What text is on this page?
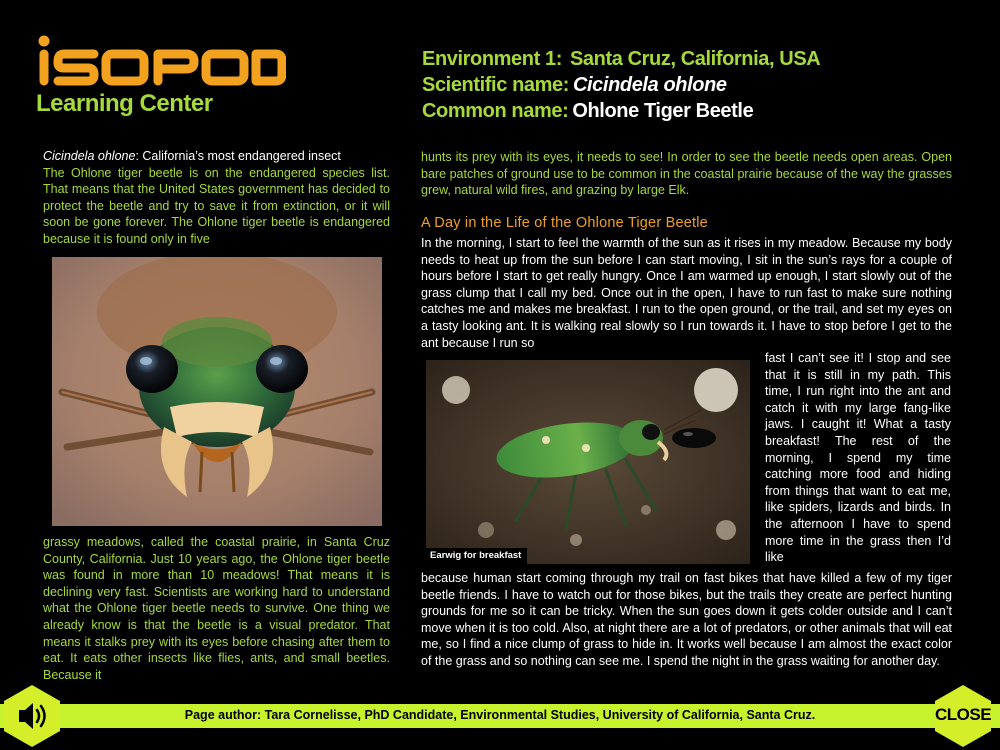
Learning Center
Environment 1: Santa Cruz, California, USA
Scientific name: Cicindela ohlone
Common name: Ohlone Tiger Beetle
Cicindela ohlone: California’s most endangered insect
The Ohlone tiger beetle is on the endangered species list. That means that the United States government has decided to protect the beetle and try to save it from extinction, or it will soon be gone forever. The Ohlone tiger beetle is endangered because it is found only in five
grassy meadows, called the coastal prairie, in Santa Cruz County, California. Just 10 years ago, the Ohlone tiger beetle was found in more than 10 meadows! That means it is declining very fast. Scientists are working hard to understand what the Ohlone tiger beetle needs to survive. One thing we already know is that the beetle is a visual predator. That means it stalks prey with its eyes before chasing after them to eat. It eats other insects like flies, ants, and small beetles. Because it
hunts its prey with its eyes, it needs to see! In order to see the beetle needs open areas. Open bare patches of ground use to be common in the coastal prairie because of the way the grasses grew, natural wild fires, and grazing by large Elk.
A Day in the Life of the Ohlone Tiger Beetle
In the morning, I start to feel the warmth of the sun as it rises in my meadow. Because my body needs to heat up from the sun before I can start moving, I sit in the sun’s rays for a couple of hours before I start to get really hungry. Once I am warmed up enough, I start slowly out of the grass clump that I call my bed. Once out in the open, I have to run fast to make sure nothing catches me and makes me breakfast. I run to the open ground, or the trail, and set my eyes on a tasty looking ant. It is walking real slowly so I run towards it. I have to stop before I get to the ant because I run so
Earwig for breakfast
fast I can’t see it! I stop and see that it is still in my path. This time, I run right into the ant and catch it with my large fang-like jaws. I caught it! What a tasty breakfast! The rest of the morning, I spend my time catching more food and hiding from things that want to eat me, like spiders, lizards and birds. In the afternoon I have to spend more time in the grass then I’d like
because human start coming through my trail on fast bikes that have killed a few of my tiger beetle friends. I have to watch out for those bikes, but the trails they create are perfect hunting grounds for me so it can be tricky. When the sun goes down it gets colder outside and I can’t move when it is too cold. Also, at night there are a lot of predators, or other animals that will eat me, so I find a nice clump of grass to hide in. It works well because I am almost the exact color of the grass and so nothing can see me. I spend the night in the grass waiting for another day.
Page author: Tara Cornelisse, PhD Candidate, Environmental Studies, University of California, Santa Cruz.	CLOSE
